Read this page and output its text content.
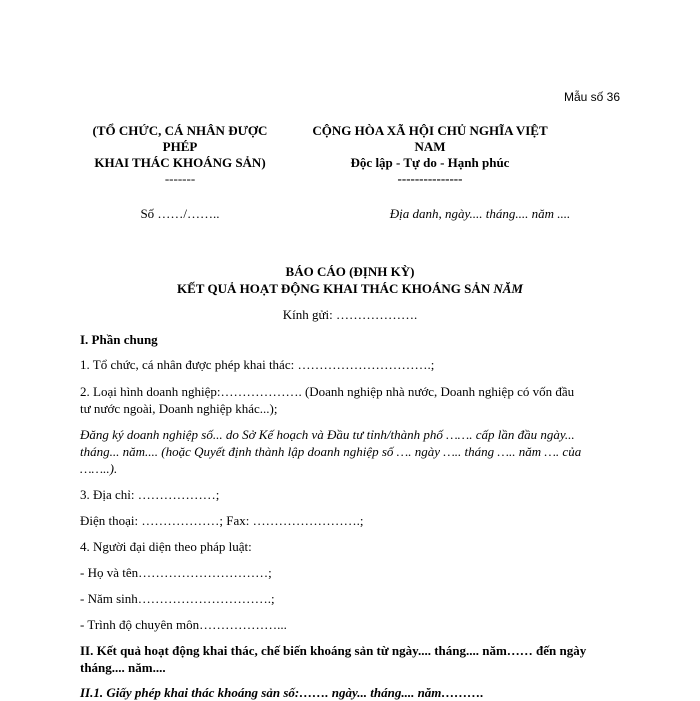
Mẫu số 36
(TỔ CHỨC, CÁ NHÂN ĐƯỢC
PHÉP
KHAI THÁC KHOÁNG SẢN)
-------
CỘNG HÒA XÃ HỘI CHỦ NGHĨA VIỆT
NAM
Độc lập - Tự do - Hạnh phúc
---------------
Số ……/……..	Địa danh, ngày.... tháng.... năm ....
BÁO CÁO (ĐỊNH KỲ)
KẾT QUẢ HOẠT ĐỘNG KHAI THÁC KHOÁNG SẢN NĂM
Kính gửi: ……………….
I. Phần chung
1. Tổ chức, cá nhân được phép khai thác: ………………………….;
2. Loại hình doanh nghiệp:………………. (Doanh nghiệp nhà nước, Doanh nghiệp có vốn đầu
tư nước ngoài, Doanh nghiệp khác...);
Đăng ký doanh nghiệp số... do Sở Kế hoạch và Đầu tư tỉnh/thành phố ……. cấp lần đầu ngày...
tháng... năm.... (hoặc Quyết định thành lập doanh nghiệp số …. ngày ….. tháng ….. năm …. của
……..).
3. Địa chỉ: ………………;
Điện thoại: ………………; Fax: …………………….;
4. Người đại diện theo pháp luật:
- Họ và tên…………………………;
- Năm sinh………………………….;
- Trình độ chuyên môn………………...
II. Kết quả hoạt động khai thác, chế biến khoáng sản từ ngày.... tháng.... năm…… đến ngày
tháng.... năm....
II.1. Giấy phép khai thác khoáng sản số:……. ngày... tháng.... năm……….
